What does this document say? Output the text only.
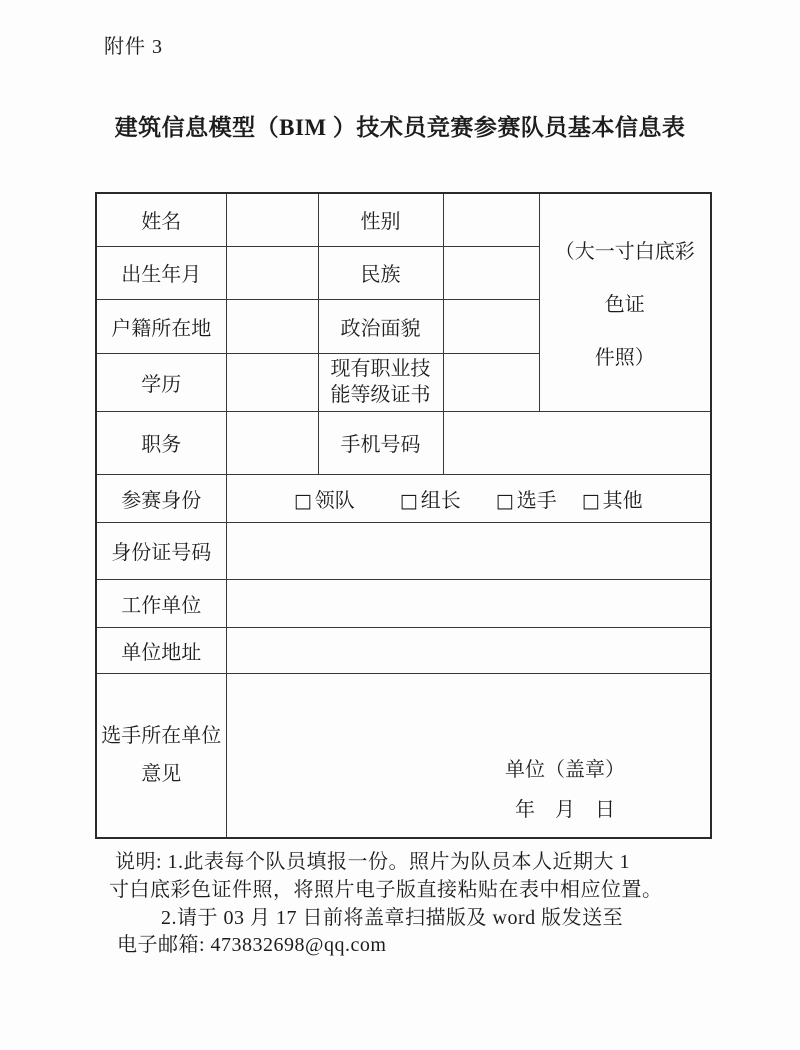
附件 3
建筑信息模型（BIM ）技术员竞赛参赛队员基本信息表
姓名		性别		（大一寸白底彩
色证
件照）

出生年月		民族		
户籍所在地		政治面貌		
学历		现有职业技
能等级证书		

职务		手机号码		
参赛身份	□ 领队 □ 组长 □ 选手 □ 其他			
身份证号码				
工作单位				
单位地址				

选手所在单位
意见	单位（盖章）
年　月　日
说明: 1.此表每个队员填报一份。照片为队员本人近期大 1
寸白底彩色证件照，将照片电子版直接粘贴在表中相应位置。
2.请于 03 月 17 日前将盖章扫描版及 word 版发送至
电子邮箱: 473832698@qq.com
